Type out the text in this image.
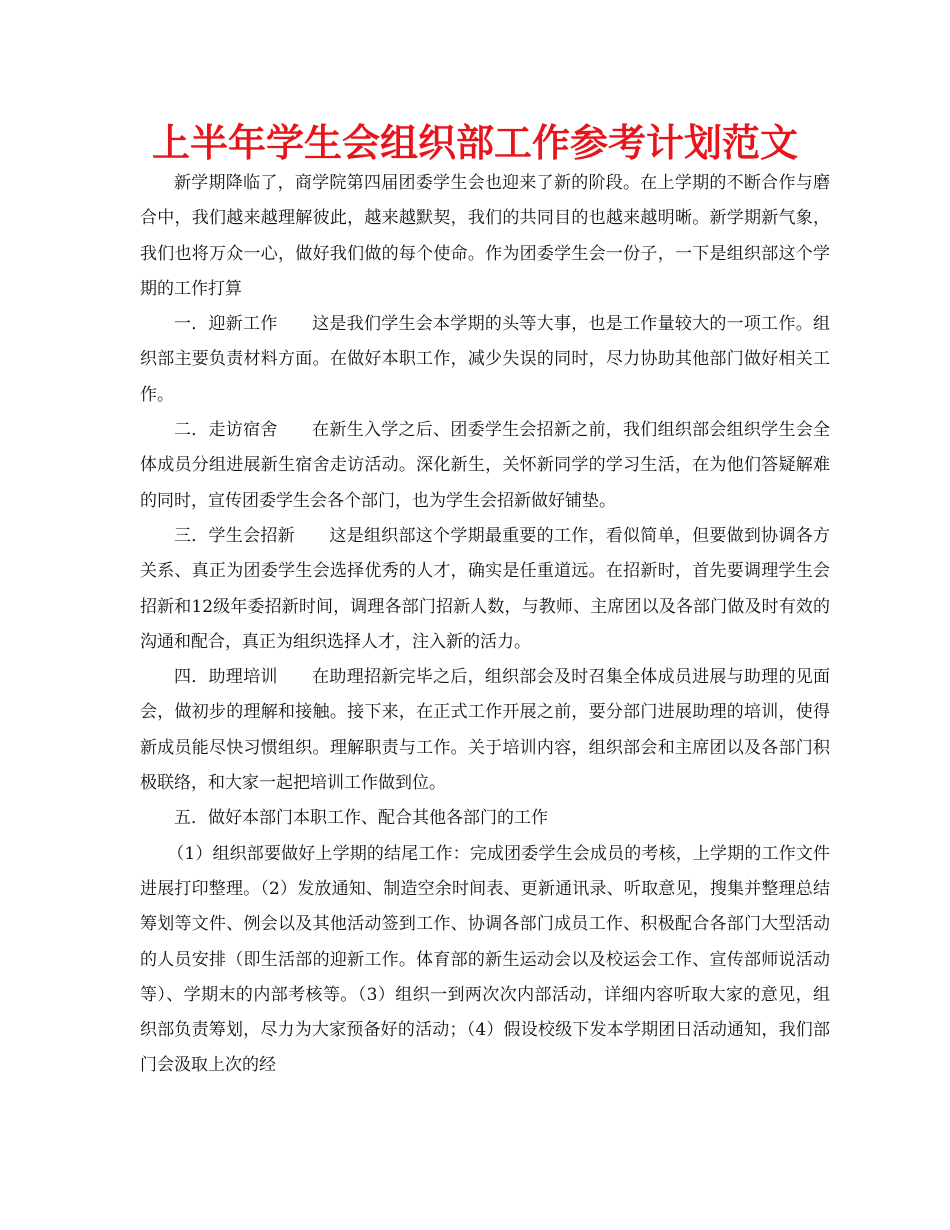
上半年学生会组织部工作参考计划范文

新学期降临了，商学院第四届团委学生会也迎来了新的阶段。在上学期的不断合作与磨合中，我们越来越理解彼此，越来越默契，我们的共同目的也越来越明晰。新学期新气象，我们也将万众一心，做好我们做的每个使命。作为团委学生会一份子，一下是组织部这个学期的工作打算

一．迎新工作　　这是我们学生会本学期的头等大事，也是工作量较大的一项工作。组织部主要负责材料方面。在做好本职工作，减少失误的同时，尽力协助其他部门做好相关工作。

二．走访宿舍　　在新生入学之后、团委学生会招新之前，我们组织部会组织学生会全体成员分组进展新生宿舍走访活动。深化新生，关怀新同学的学习生活，在为他们答疑解难的同时，宣传团委学生会各个部门，也为学生会招新做好铺垫。

三．学生会招新　　这是组织部这个学期最重要的工作，看似简单，但要做到协调各方关系、真正为团委学生会选择优秀的人才，确实是任重道远。在招新时，首先要调理学生会招新和12级年委招新时间，调理各部门招新人数，与教师、主席团以及各部门做及时有效的沟通和配合，真正为组织选择人才，注入新的活力。

四．助理培训　　在助理招新完毕之后，组织部会及时召集全体成员进展与助理的见面会，做初步的理解和接触。接下来，在正式工作开展之前，要分部门进展助理的培训，使得新成员能尽快习惯组织。理解职责与工作。关于培训内容，组织部会和主席团以及各部门积极联络，和大家一起把培训工作做到位。

五．做好本部门本职工作、配合其他各部门的工作

（1）组织部要做好上学期的结尾工作：完成团委学生会成员的考核，上学期的工作文件进展打印整理。（2）发放通知、制造空余时间表、更新通讯录、听取意见，搜集并整理总结筹划等文件、例会以及其他活动签到工作、协调各部门成员工作、积极配合各部门大型活动的人员安排（即生活部的迎新工作。体育部的新生运动会以及校运会工作、宣传部师说活动等）、学期末的内部考核等。（3）组织一到两次次内部活动，详细内容听取大家的意见，组织部负责筹划，尽力为大家预备好的活动；（4）假设校级下发本学期团日活动通知，我们部门会汲取上次的经
